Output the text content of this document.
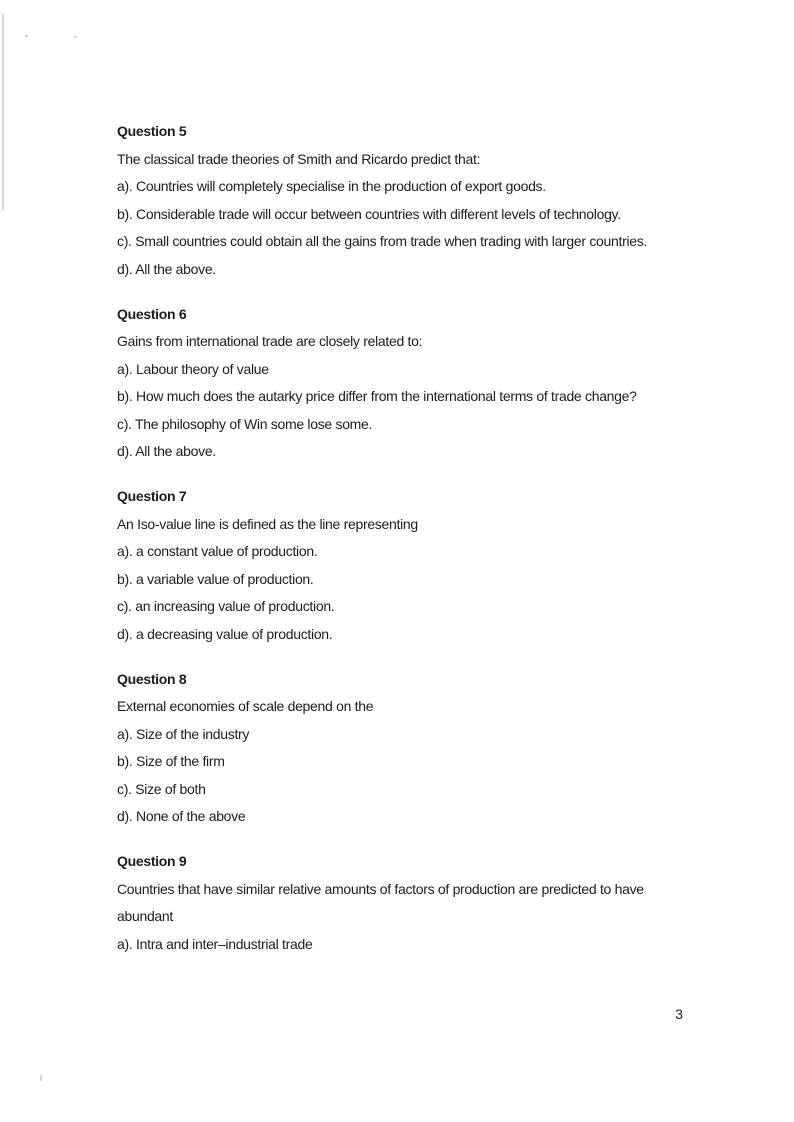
Question 5

The classical trade theories of Smith and Ricardo predict that:

a). Countries will completely specialise in the production of export goods.

b). Considerable trade will occur between countries with different levels of technology.

c). Small countries could obtain all the gains from trade when trading with larger countries.

d). All the above.

Question 6

Gains from international trade are closely related to:

a). Labour theory of value

b). How much does the autarky price differ from the international terms of trade change?

c). The philosophy of Win some lose some.

d). All the above.

Question 7

An Iso-value line is defined as the line representing

a). a constant value of production.

b). a variable value of production.

c). an increasing value of production.

d). a decreasing value of production.

Question 8

External economies of scale depend on the

a). Size of the industry

b). Size of the firm

c). Size of both

d). None of the above

Question 9

Countries that have similar relative amounts of factors of production are predicted to have

abundant

a). Intra and inter–industrial trade

3
